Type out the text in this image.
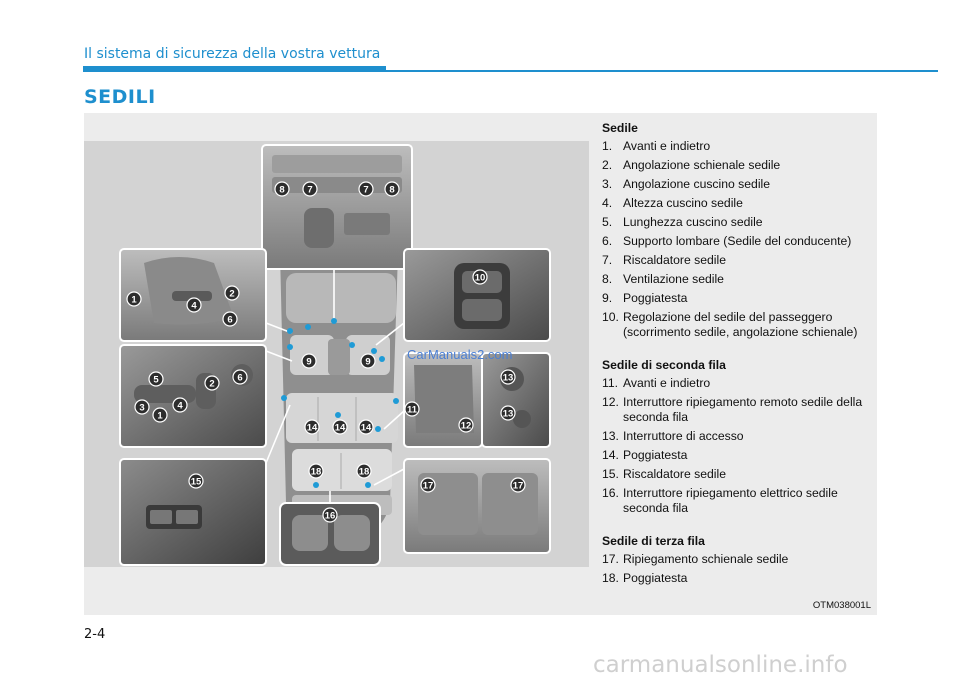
Il sistema di sicurezza della vostra vettura
SEDILI
1
4
2
6
5	2
6
3	4
1
15
8 7	7 8
9	9
14 14 14
18	18
16
10
11
12
13
13
17	17
Sedile
1. Avanti e indietro
2. Angolazione schienale sedile
3. Angolazione cuscino sedile
4. Altezza cuscino sedile
5. Lunghezza cuscino sedile
6. Supporto lombare (Sedile del conducente)
7. Riscaldatore sedile
8. Ventilazione sedile
9. Poggiatesta
10. Regolazione del sedile del passeggero (scorrimento sedile, angolazione schienale)
Sedile di seconda fila
11. Avanti e indietro
12. Interruttore ripiegamento remoto sedile della seconda fila
13. Interruttore di accesso
14. Poggiatesta
15. Riscaldatore sedile
16. Interruttore ripiegamento elettrico sedile seconda fila
Sedile di terza fila
17. Ripiegamento schienale sedile
18. Poggiatesta
OTM038001L
CarManuals2.com
2-4
carmanualsonline.info
